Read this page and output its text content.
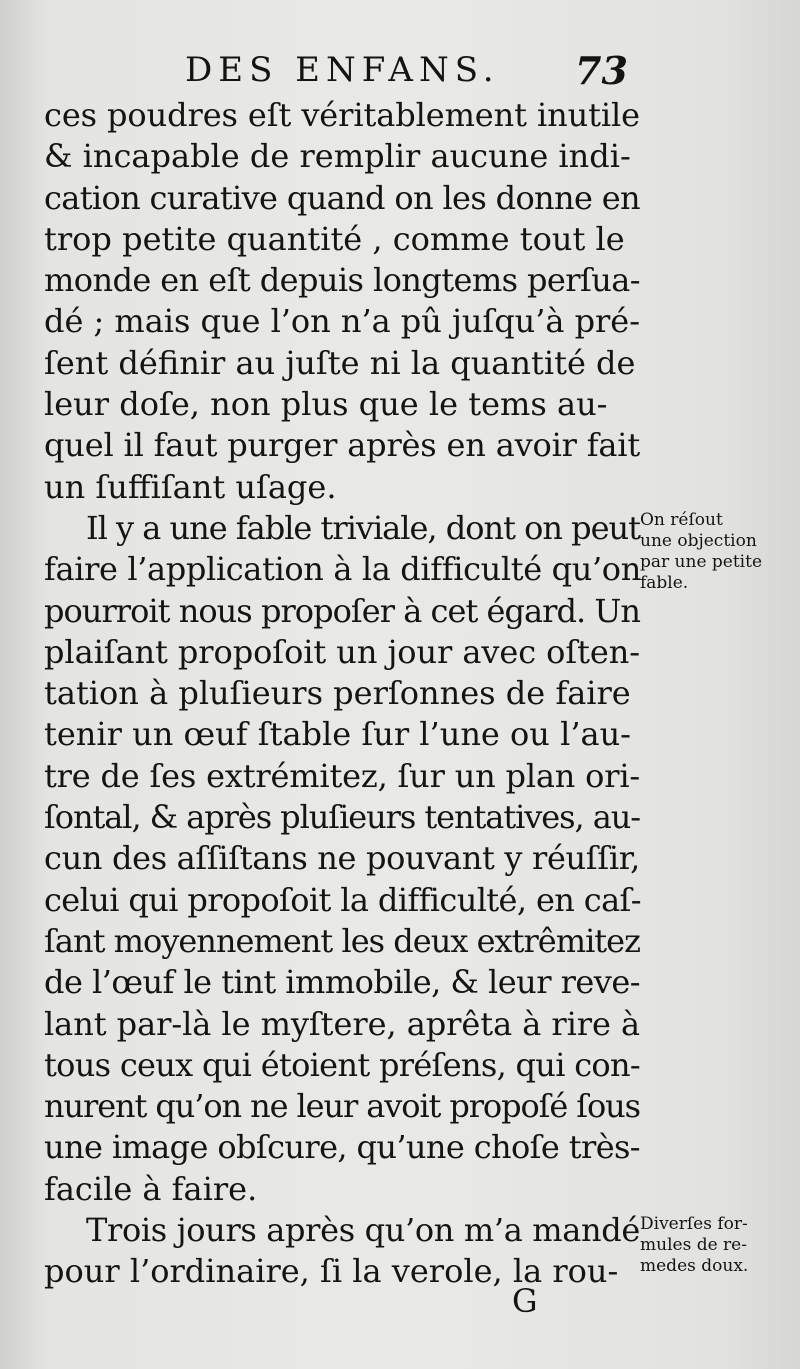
DES ENFANS. 73
ces poudres eſt véritablement inutile
& incapable de remplir aucune indi-
cation curative quand on les donne en
trop petite quantité , comme tout le
monde en eſt depuis longtems perſua-
dé ; mais que l’on n’a pû juſqu’à pré-
ſent définir au juſte ni la quantité de
leur doſe, non plus que le tems au-
quel il faut purger après en avoir fait
un ſuffiſant uſage.
Il y a une fable triviale, dont on peut
faire l’application à la difficulté qu’on
pourroit nous propoſer à cet égard. Un
plaiſant propoſoit un jour avec oſten-
tation à pluſieurs perſonnes de faire
tenir un œuf ſtable ſur l’une ou l’au-
tre de ſes extrémitez, ſur un plan ori-
ſontal, & après pluſieurs tentatives, au-
cun des aſſiſtans ne pouvant y réuſſir,
celui qui propoſoit la difficulté, en caſ-
ſant moyennement les deux extrêmitez
de l’œuf le tint immobile, & leur reve-
lant par-là le myſtere, aprêta à rire à
tous ceux qui étoient préſens, qui con-
nurent qu’on ne leur avoit propoſé ſous
une image obſcure, qu’une choſe très-
facile à faire.
Trois jours après qu’on m’a mandé
pour l’ordinaire, ſi la verole, la rou-
On réſout
une objection
par une petite
fable.
Diverſes for-
mules de re-
medes doux.
G
